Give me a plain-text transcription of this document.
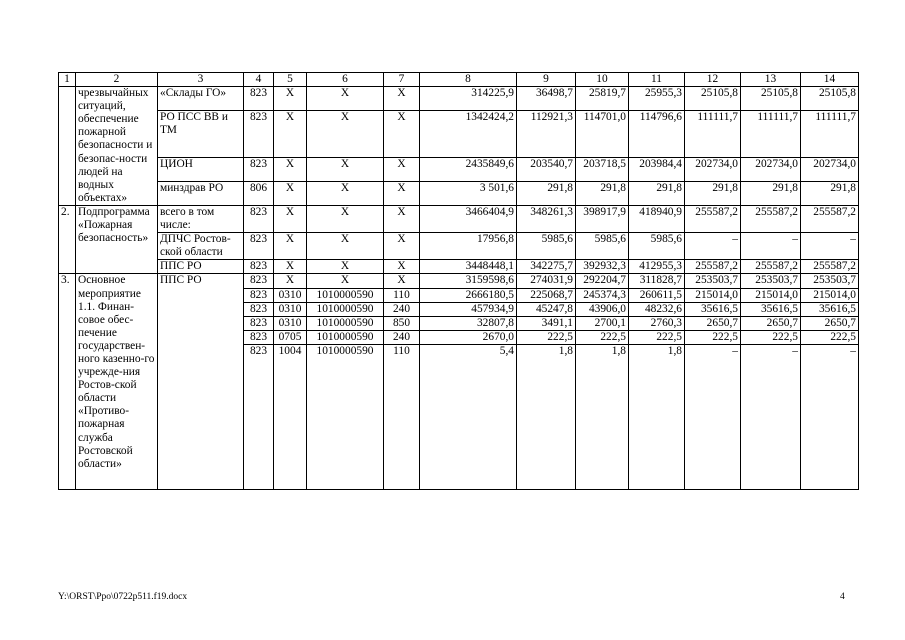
1	2	3	4	5	6	7	8	9	10	11	12	13	14
	чрезвычайных ситуаций, обеспечение пожарной безопасности и безопас-ности людей на водных объектах»	«Склады ГО»	823	Х	Х	Х	314225,9	36498,7	25819,7	25955,3	25105,8	25105,8	25105,8
		РО ПСС ВВ и ТМ	823	Х	Х	Х	1342424,2	112921,3	114701,0	114796,6	111111,7	111111,7	111111,7
		ЦИОН	823	Х	Х	Х	2435849,6	203540,7	203718,5	203984,4	202734,0	202734,0	202734,0
		минздрав РО	806	Х	Х	Х	3 501,6	291,8	291,8	291,8	291,8	291,8	291,8
2.	Подпрограмма «Пожарная безопасность»	всего в том числе:	823	Х	Х	Х	3466404,9	348261,3	398917,9	418940,9	255587,2	255587,2	255587,2
		ДПЧС Ростов-ской области	823	Х	Х	Х	17956,8	5985,6	5985,6	5985,6	–	–	–
		ППС РО	823	Х	Х	Х	3448448,1	342275,7	392932,3	412955,3	255587,2	255587,2	255587,2
3.	Основное мероприятие 1.1. Финан-совое обес-печение государствен-ного казенно-го учрежде-ния Ростов-ской области «Противо-пожарная служба Ростовской области»	ППС РО	823	Х	Х	Х	3159598,6	274031,9	292204,7	311828,7	253503,7	253503,7	253503,7
			823	0310	1010000590	110	2666180,5	225068,7	245374,3	260611,5	215014,0	215014,0	215014,0
			823	0310	1010000590	240	457934,9	45247,8	43906,0	48232,6	35616,5	35616,5	35616,5
			823	0310	1010000590	850	32807,8	3491,1	2700,1	2760,3	2650,7	2650,7	2650,7
			823	0705	1010000590	240	2670,0	222,5	222,5	222,5	222,5	222,5	222,5
			823	1004	1010000590	110	5,4	1,8	1,8	1,8	–	–	–
Y:\ORST\Ppo\0722p511.f19.docx	4
